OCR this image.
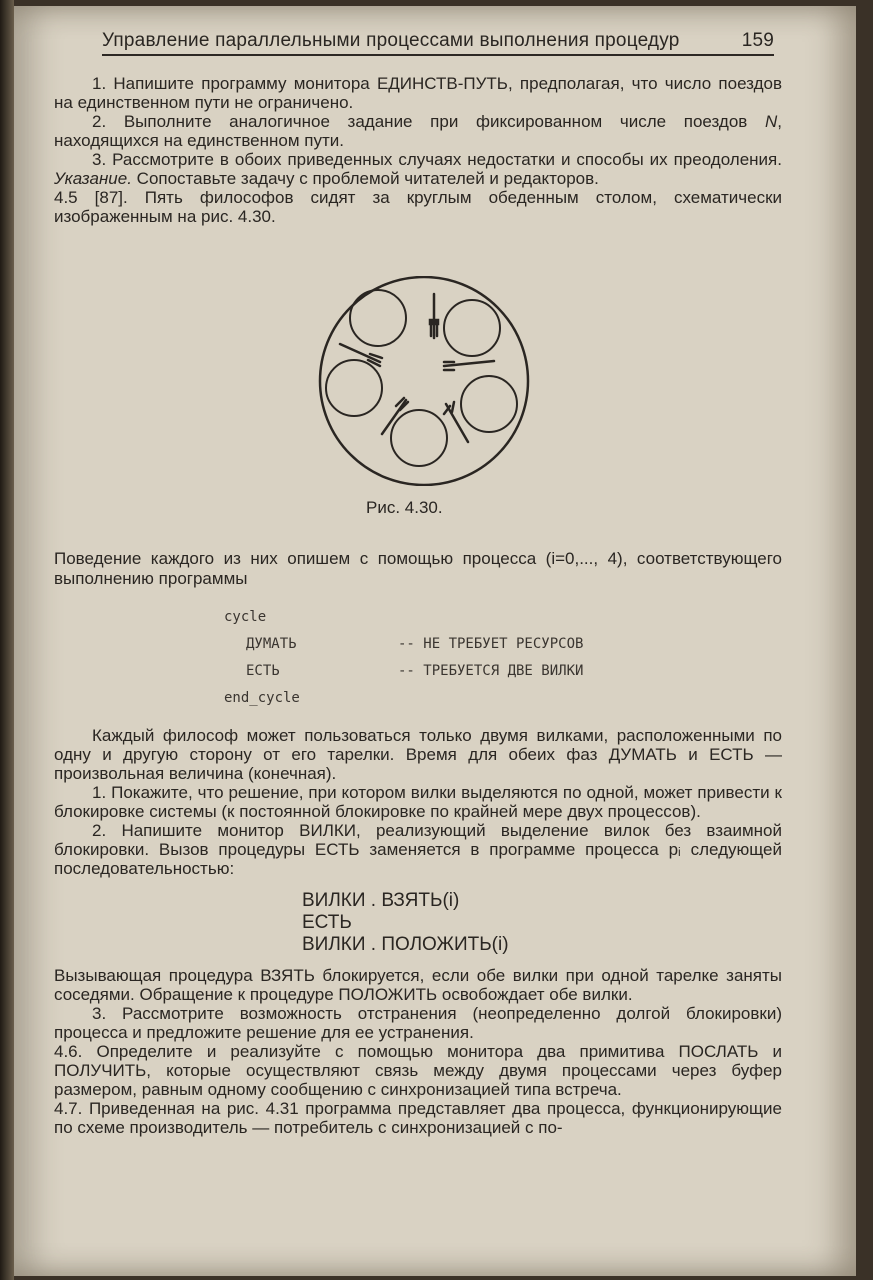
Управление параллельными процессами выполнения процедур	159

1. Напишите программу монитора ЕДИНСТВ-ПУТЬ, предполагая, что число поездов на единственном пути не ограничено.

2. Выполните аналогичное задание при фиксированном числе поездов N, находящихся на единственном пути.

3. Рассмотрите в обоих приведенных случаях недостатки и способы их преодоления. Указание. Сопоставьте задачу с проблемой читателей и редакторов.

4.5 [87]. Пять философов сидят за круглым обеденным столом, схематически изображенным на рис. 4.30.

Рис. 4.30.
Поведение каждого из них опишем с помощью процесса (i=0,..., 4), соответствующего выполнению программы
cycle
ДУМАТЬ	-- НЕ ТРЕБУЕТ РЕСУРСОВ
ЕСТЬ	-- ТРЕБУЕТСЯ ДВЕ ВИЛКИ
end_cycle

Каждый философ может пользоваться только двумя вилками, расположенными по одну и другую сторону от его тарелки. Время для обеих фаз ДУМАТЬ и ЕСТЬ — произвольная величина (конечная).

1. Покажите, что решение, при котором вилки выделяются по одной, может привести к блокировке системы (к постоянной блокировке по крайней мере двух процессов).

2. Напишите монитор ВИЛКИ, реализующий выделение вилок без взаимной блокировки. Вызов процедуры ЕСТЬ заменяется в программе процесса pᵢ следующей последовательностью:

ВИЛКИ . ВЗЯТЬ(i)
ЕСТЬ
ВИЛКИ . ПОЛОЖИТЬ(i)

Вызывающая процедура ВЗЯТЬ блокируется, если обе вилки при одной тарелке заняты соседями. Обращение к процедуре ПОЛОЖИТЬ освобождает обе вилки.

3. Рассмотрите возможность отстранения (неопределенно долгой блокировки) процесса и предложите решение для ее устранения.

4.6. Определите и реализуйте с помощью монитора два примитива ПОСЛАТЬ и ПОЛУЧИТЬ, которые осуществляют связь между двумя процессами через буфер размером, равным одному сообщению с синхронизацией типа встреча.

4.7. Приведенная на рис. 4.31 программа представляет два процесса, функционирующие по схеме производитель — потребитель с синхронизацией с по-
